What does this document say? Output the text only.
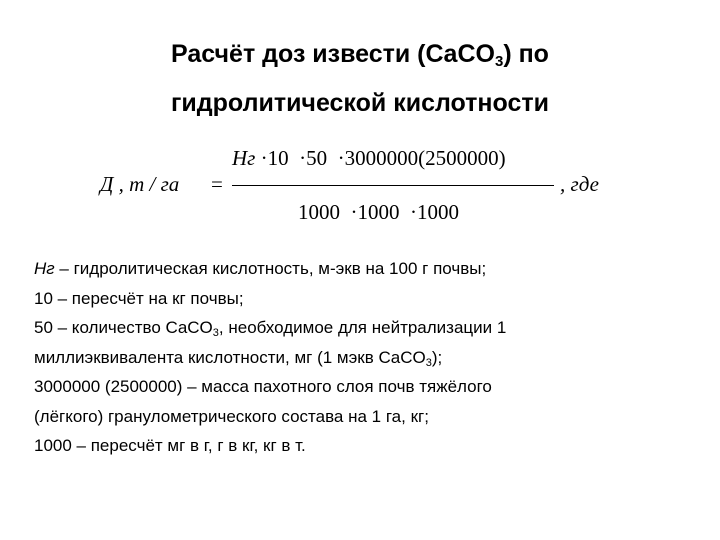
Расчёт доз извести (CaCO$_3$) по
гидролитической кислотности
Д , т / га =
Нг ·10  ·50  ·3000000(2500000)
1000  ·1000  ·1000
, где
Нг – гидролитическая кислотность, м-экв на 100 г почвы;
10 – пересчёт на кг почвы;
50 – количество CaCO$_3$, необходимое для нейтрализации 1
миллиэквивалента кислотности, мг (1 мэкв CaCO$_3$);
3000000 (2500000) – масса пахотного слоя почв тяжёлого
(лёгкого) гранулометрического состава на 1 га, кг;
1000 – пересчёт мг в г, г в кг, кг в т.
